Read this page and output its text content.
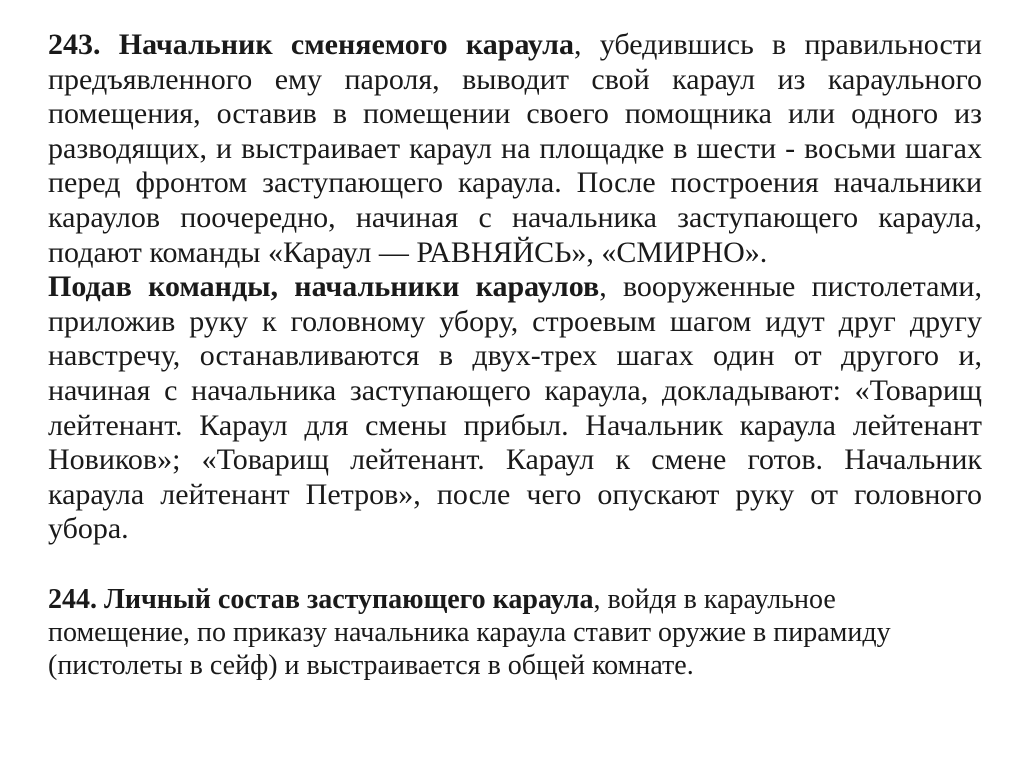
243. Начальник сменяемого караула, убедившись в правильности предъявленного ему пароля, выводит свой караул из караульного помещения, оставив в помещении своего помощника или одного из разводящих, и выстраивает караул на площадке в шести - восьми шагах перед фронтом заступающего караула. После построения начальники караулов поочередно, начиная с начальника заступающего караула, подают команды «Караул — РАВНЯЙСЬ», «СМИРНО».
Подав команды, начальники караулов, вооруженные пистолетами, приложив руку к головному убору, строевым шагом идут друг другу навстречу, останавливаются в двух-трех шагах один от другого и, начиная с начальника заступающего караула, докладывают: «Товарищ лейтенант. Караул для смены прибыл. Начальник караула лейтенант Новиков»; «Товарищ лейтенант. Караул к смене готов. Начальник караула лейтенант Петров», после чего опускают руку от головного убора.

244. Личный состав заступающего караула, войдя в караульное помещение, по приказу начальника караула ставит оружие в пирамиду (пистолеты в сейф) и выстраивается в общей комнате.
